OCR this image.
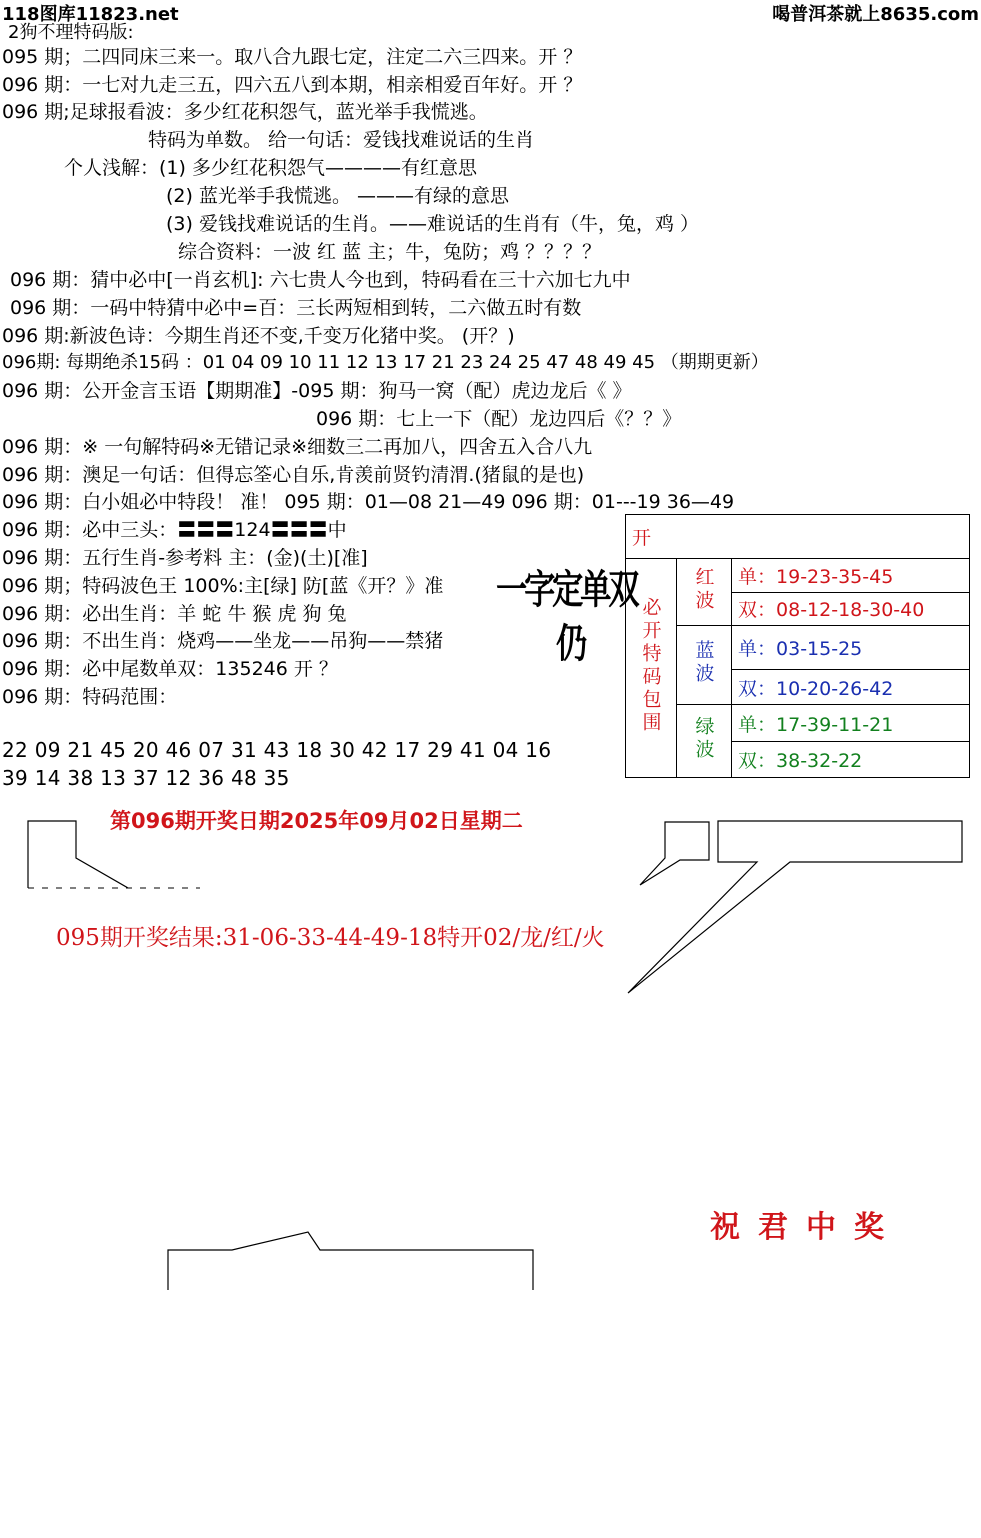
118图库11823.net	喝普洱茶就上8635.com
2狗不理特码版:
095 期；二四同床三来一。取八合九跟七定，注定二六三四来。开 ？
096 期：一七对九走三五，四六五八到本期，相亲相爱百年好。开 ？
096 期;足球报看波：多少红花积怨气，蓝光举手我慌逃。
特码为单数。 给一句话：爱钱找难说话的生肖
个人浅解：(1) 多少红花积怨气————有红意思
(2) 蓝光举手我慌逃。 ———有绿的意思
(3) 爱钱找难说话的生肖。——难说话的生肖有（牛，兔，鸡 ）
综合资料：一波 红 蓝 主；牛，兔防；鸡 ？？？？
096 期：猜中必中[一肖玄机]: 六七贵人今也到，特码看在三十六加七九中
096 期：一码中特猜中必中=百：三长两短相到转，二六做五时有数
096 期:新波色诗：今期生肖还不变,千变万化猪中奖。 (开？)
096期: 每期绝杀15码 ：01 04 09 10 11 12 13 17 21 23 24 25 47 48 49 45 （期期更新）
096 期：公开金言玉语【期期准】-095 期：狗马一窝（配）虎边龙后《 》
096 期：七上一下（配）龙边四后《？？》
096 期：※ 一句解特码※无错记录※细数三二再加八，四舍五入合八九
096 期：澳足一句话：但得忘筌心自乐,肯羡前贤钓清渭.(猪鼠的是也)
096 期：白小姐必中特段！ 准！ 095 期：01—08 21—49 096 期：01---19 36—49
096 期：必中三头：〓〓〓124〓〓〓中
096 期：五行生肖-参考料 主：(金)(土)[准]
096 期；特码波色王 100%:主[绿] 防[蓝《开？》准
096 期：必出生肖：羊 蛇 牛 猴 虎 狗 兔
096 期：不出生肖：烧鸡——坐龙——吊狗——禁猪
096 期：必中尾数单双：135246 开 ？
096 期：特码范围：
22 09 21 45 20 46 07 31 43 18 30 42 17 29 41 04 16
39 14 38 13 37 12 36 48 35
一字定单双
仍
开		
必开特码包围	红波	单：19-23-35-45
		双：08-12-18-30-40
	蓝波	单：03-15-25
		双：10-20-26-42
	绿波	单：17-39-11-21
		双：38-32-22
第096期开奖日期2025年09月02日星期二
095期开奖结果:31-06-33-44-49-18特开02/龙/红/火
祝君中奖
